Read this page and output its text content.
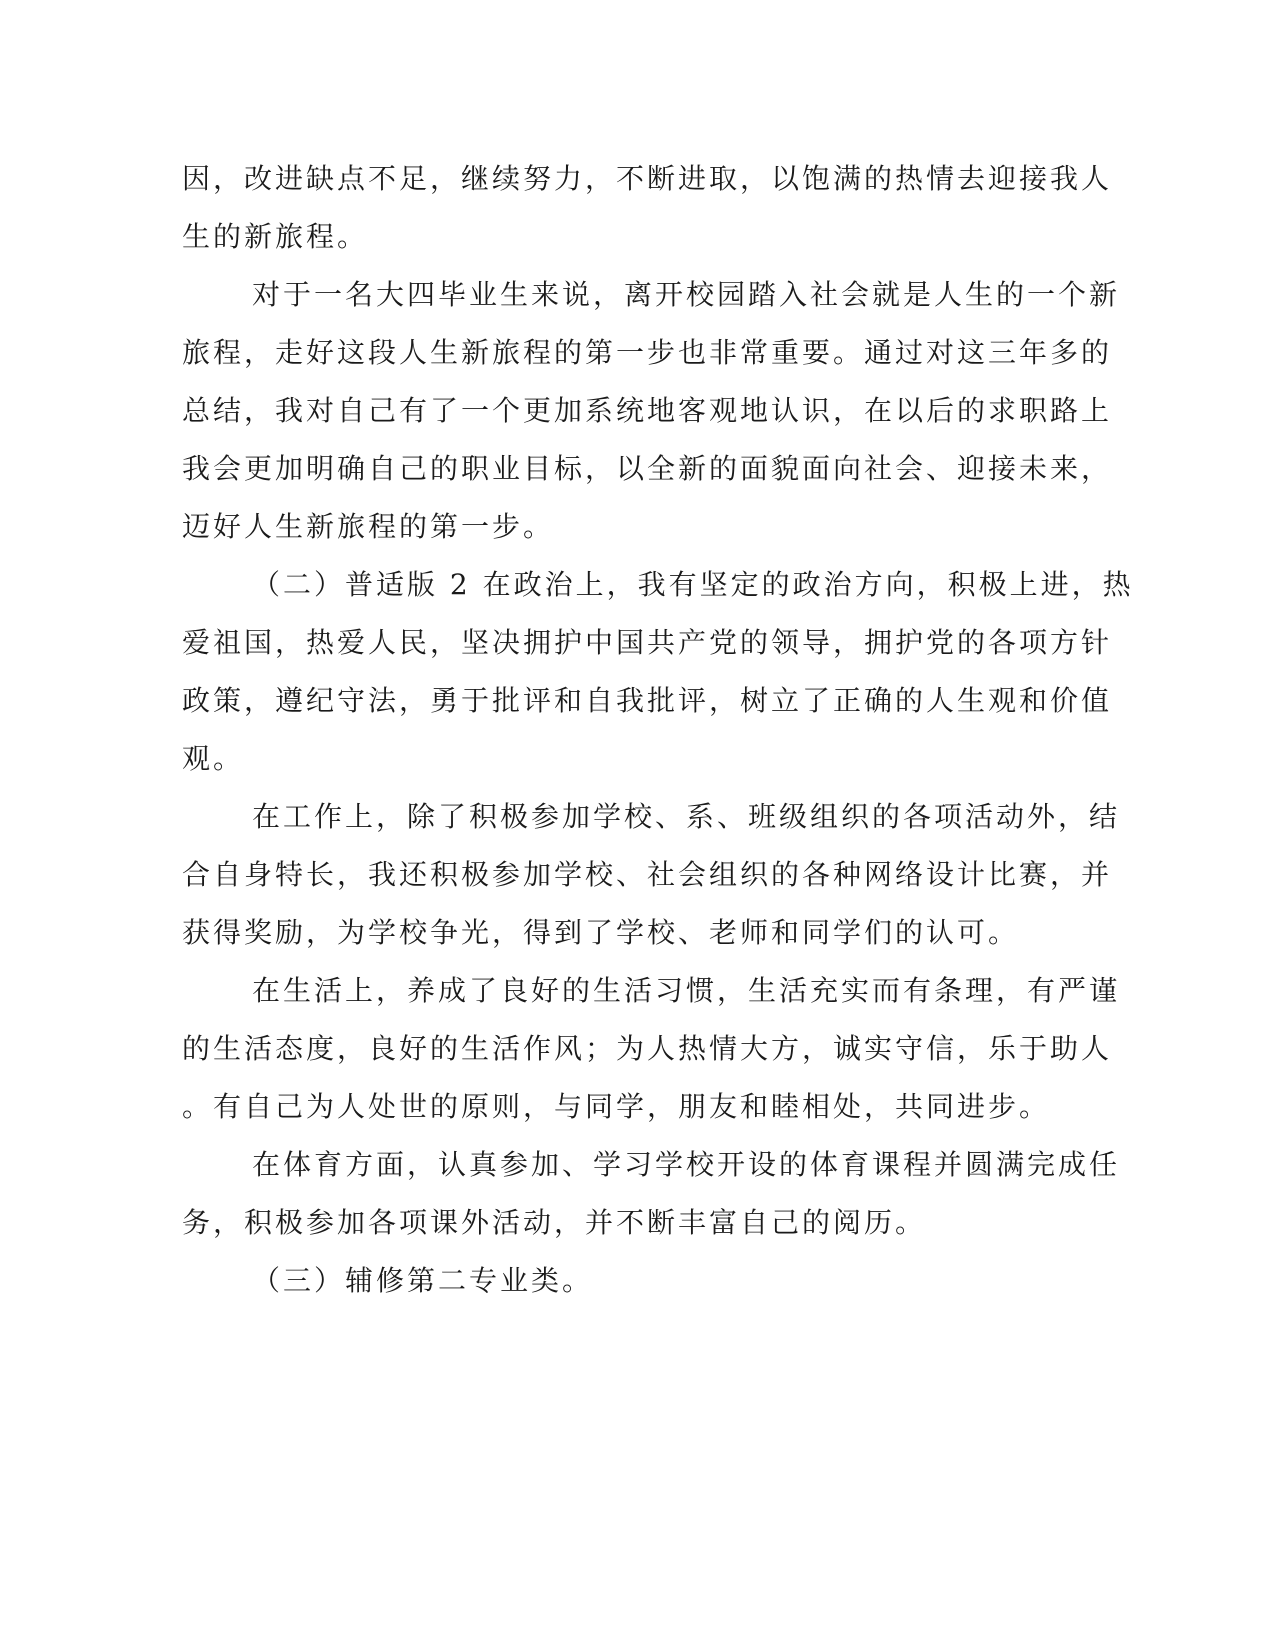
因，改进缺点不足，继续努力，不断进取，以饱满的热情去迎接我人
生的新旅程。
对于一名大四毕业生来说，离开校园踏入社会就是人生的一个新
旅程，走好这段人生新旅程的第一步也非常重要。通过对这三年多的
总结，我对自己有了一个更加系统地客观地认识，在以后的求职路上
我会更加明确自己的职业目标，以全新的面貌面向社会、迎接未来，
迈好人生新旅程的第一步。
（二）普适版 2 在政治上，我有坚定的政治方向，积极上进，热
爱祖国，热爱人民，坚决拥护中国共产党的领导，拥护党的各项方针
政策，遵纪守法，勇于批评和自我批评，树立了正确的人生观和价值
观。
在工作上，除了积极参加学校、系、班级组织的各项活动外，结
合自身特长，我还积极参加学校、社会组织的各种网络设计比赛，并
获得奖励，为学校争光，得到了学校、老师和同学们的认可。
在生活上，养成了良好的生活习惯，生活充实而有条理，有严谨
的生活态度，良好的生活作风；为人热情大方，诚实守信，乐于助人
。有自己为人处世的原则，与同学，朋友和睦相处，共同进步。
在体育方面，认真参加、学习学校开设的体育课程并圆满完成任
务，积极参加各项课外活动，并不断丰富自己的阅历。
（三）辅修第二专业类。
